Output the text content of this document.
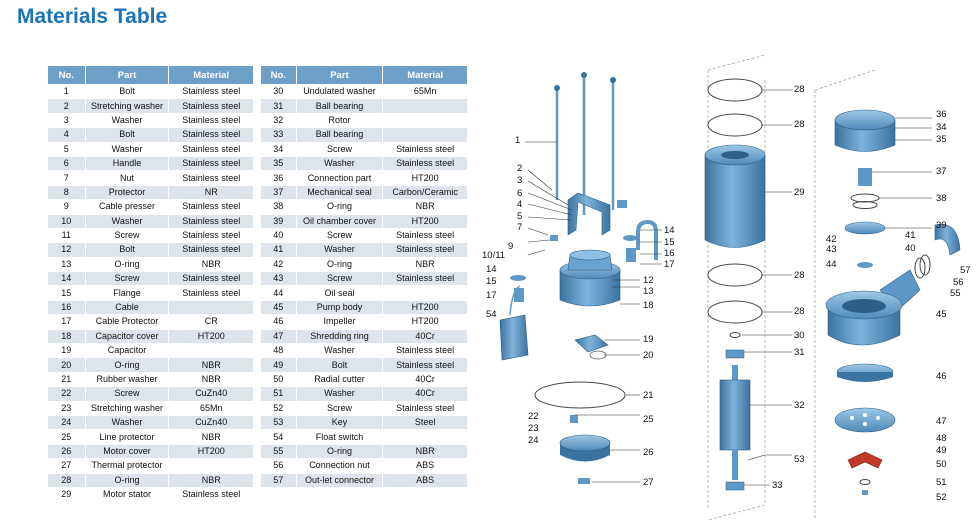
Materials Table
No.	Part	Material
1	Bolt	Stainless steel
2	Stretching washer	Stainless steel
3	Washer	Stainless steel
4	Bolt	Stainless steel
5	Washer	Stainless steel
6	Handle	Stainless steel
7	Nut	Stainless steel
8	Protector	NR
9	Cable presser	Stainless steel
10	Washer	Stainless steel
11	Screw	Stainless steel
12	Bolt	Stainless steel
13	O-ring	NBR
14	Screw	Stainless steel
15	Flange	Stainless steel
16	Cable	
17	Cable Protector	CR
18	Capacitor cover	HT200
19	Capacitor	
20	O-ring	NBR
21	Rubber washer	NBR
22	Screw	CuZn40
23	Stretching washer	65Mn
24	Washer	CuZn40
25	Line protector	NBR
26	Motor cover	HT200
27	Thermal protector	
28	O-ring	NBR
29	Motor stator	Stainless steel
No.	Part	Material
30	Undulated washer	65Mn
31	Ball bearing	
32	Rotor	
33	Ball bearing	
34	Screw	Stainless steel
35	Washer	Stainless steel
36	Connection part	HT200
37	Mechanical seal	Carbon/Ceramic
38	O-ring	NBR
39	Oil chamber cover	HT200
40	Screw	Stainless steel
41	Washer	Stainless steel
42	O-ring	NBR
43	Screw	Stainless steel
44	Oil seal	
45	Pump body	HT200
46	Impeller	HT200
47	Shredding ring	40Cr
48	Washer	Stainless steel
49	Bolt	Stainless steel
50	Radial cutter	40Cr
51	Washer	40Cr
52	Screw	Stainless steel
53	Key	Steel
54	Float switch	
55	O-ring	NBR
56	Connection nut	ABS
57	Out-let connector	ABS
1
2
3
4
5
6
7
9
10/11
14
15
17
54
12
13
18
14
15
16
17
19
20
21
22
23
24
25
26
27
28
28
29
28
28
30
31
32
53
33
36
34
35
37
38
39
41
40
42
43
44
57
56
55
45
46
47
48
49
50
51
52
